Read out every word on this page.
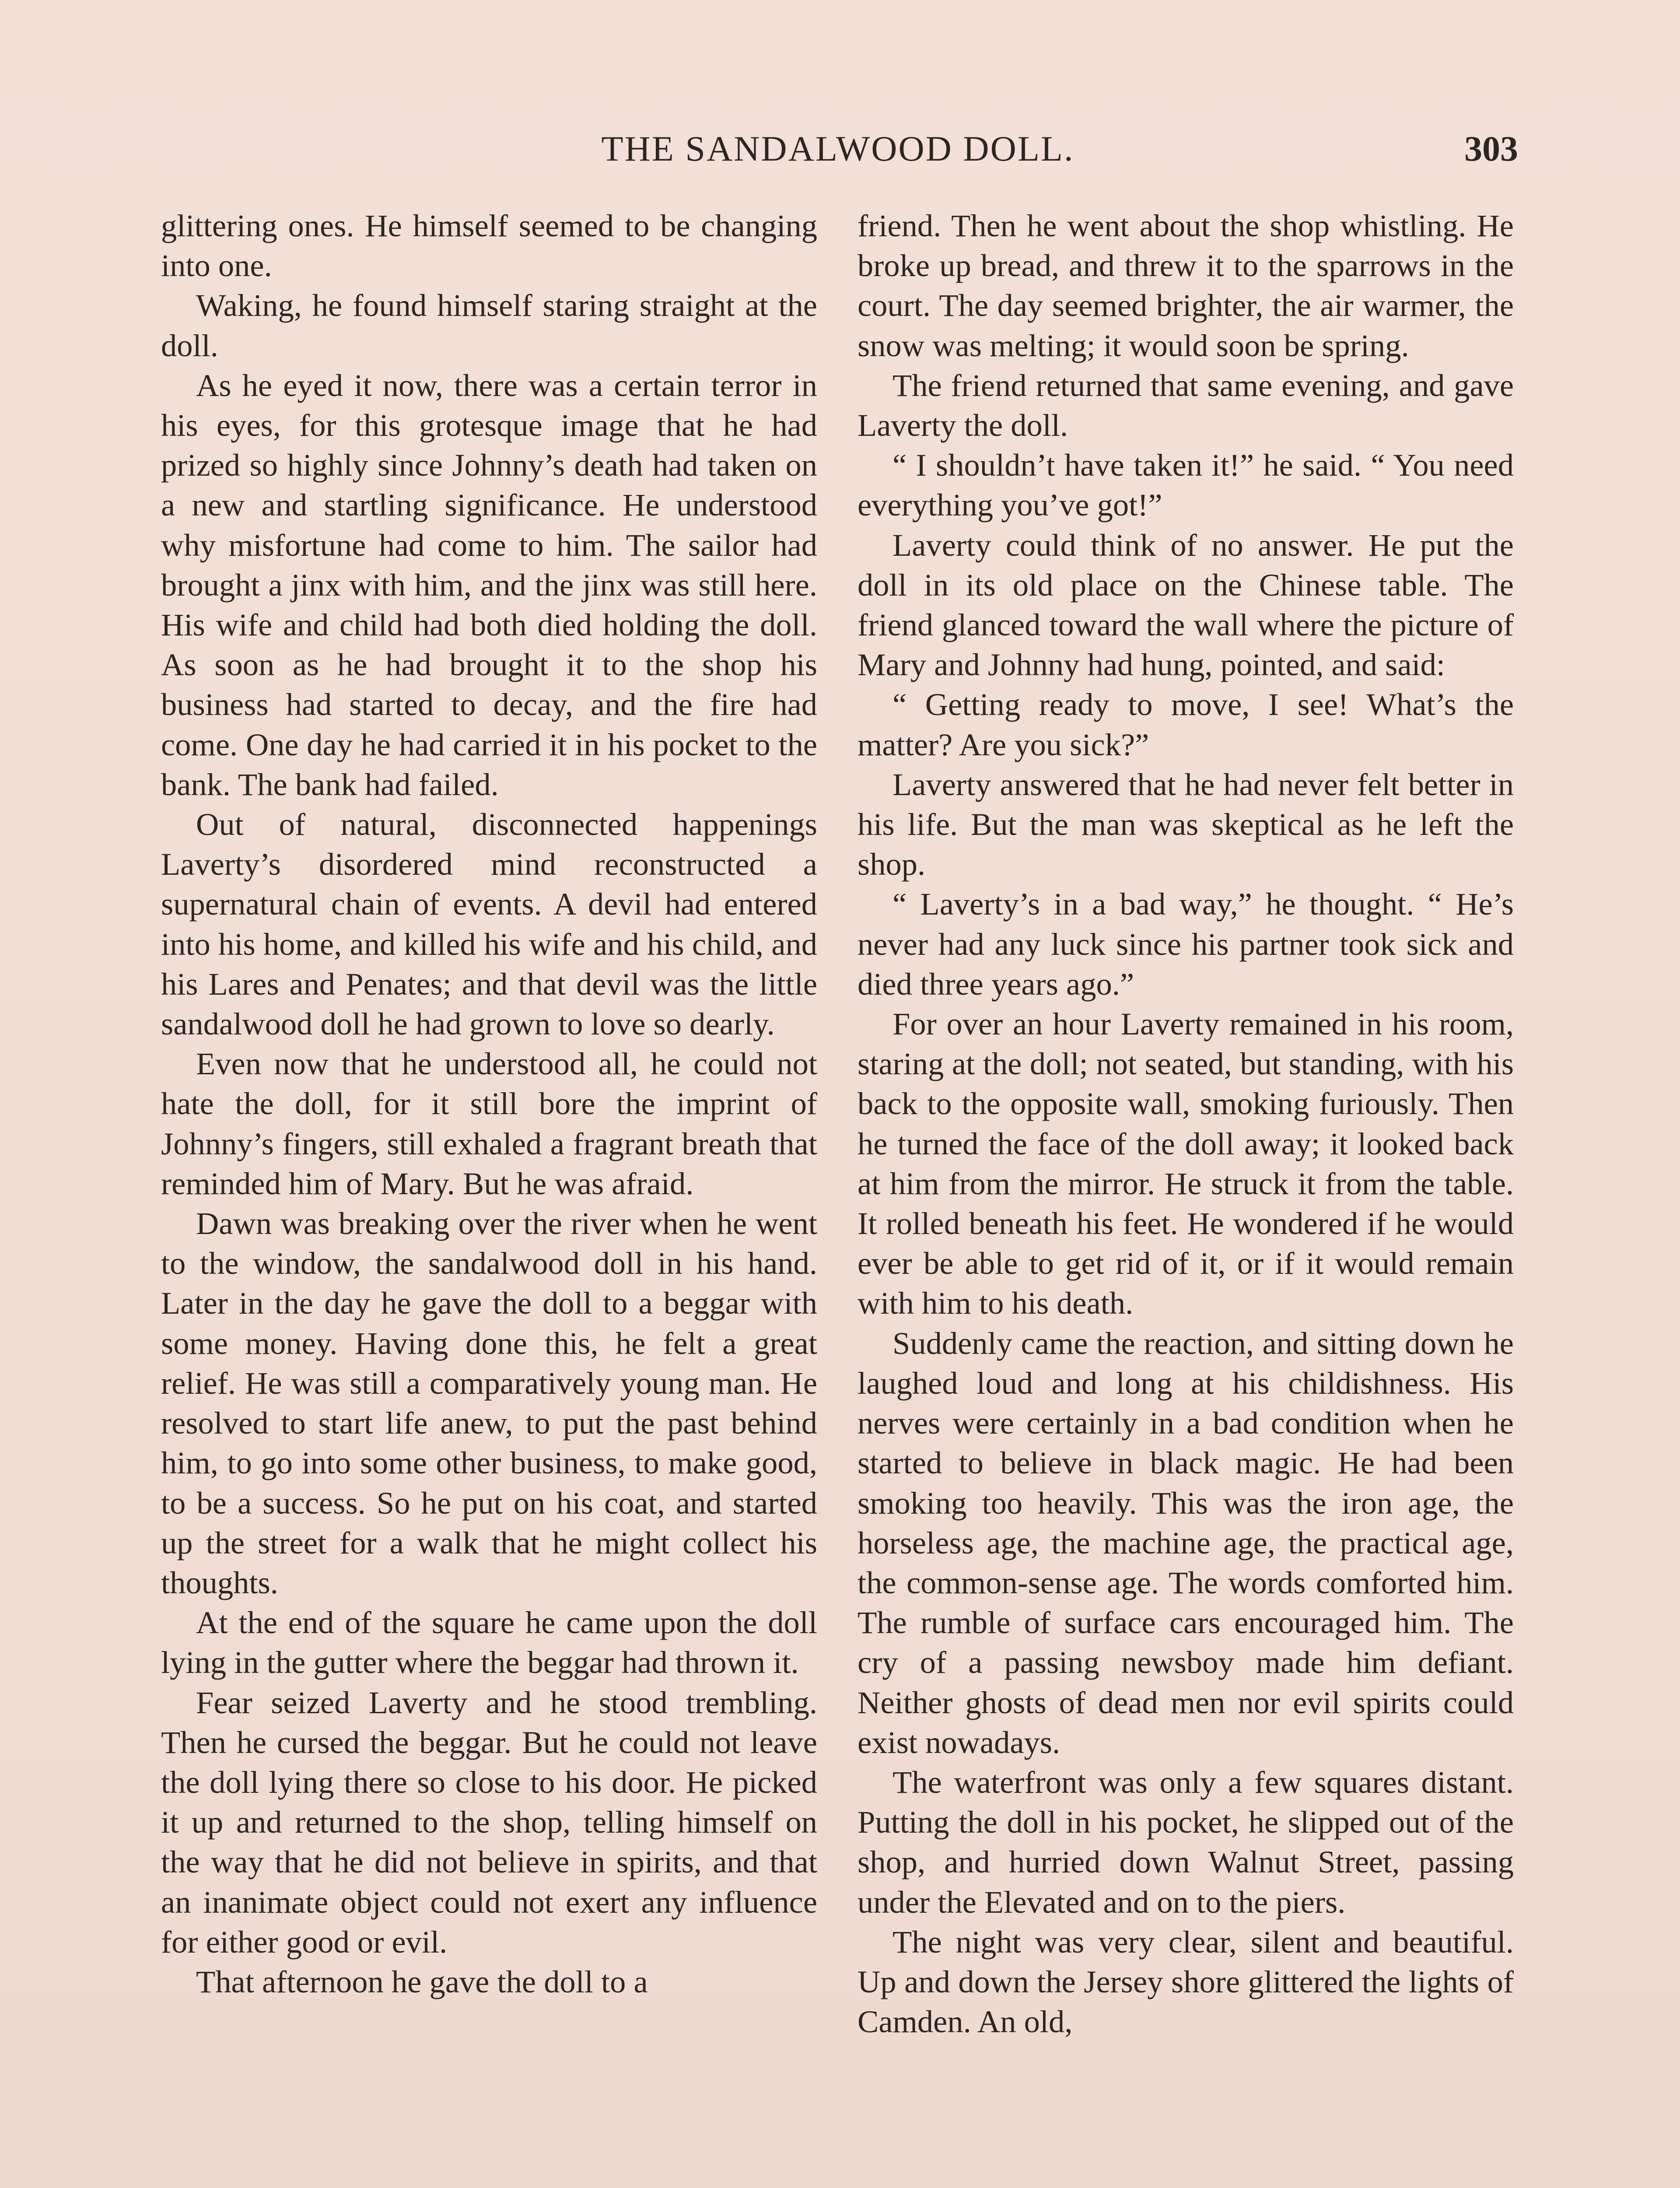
THE SANDALWOOD DOLL.	303

glittering ones. He himself seemed to be changing into one.

Waking, he found himself staring straight at the doll.

As he eyed it now, there was a certain terror in his eyes, for this grotesque image that he had prized so highly since Johnny’s death had taken on a new and startling significance. He understood why misfortune had come to him. The sailor had brought a jinx with him, and the jinx was still here. His wife and child had both died holding the doll. As soon as he had brought it to the shop his business had started to decay, and the fire had come. One day he had carried it in his pocket to the bank. The bank had failed.

Out of natural, disconnected happenings Laverty’s disordered mind reconstructed a supernatural chain of events. A devil had entered into his home, and killed his wife and his child, and his Lares and Penates; and that devil was the little sandalwood doll he had grown to love so dearly.

Even now that he understood all, he could not hate the doll, for it still bore the imprint of Johnny’s fingers, still exhaled a fragrant breath that reminded him of Mary. But he was afraid.

Dawn was breaking over the river when he went to the window, the sandalwood doll in his hand. Later in the day he gave the doll to a beggar with some money. Having done this, he felt a great relief. He was still a comparatively young man. He resolved to start life anew, to put the past behind him, to go into some other business, to make good, to be a success. So he put on his coat, and started up the street for a walk that he might collect his thoughts.

At the end of the square he came upon the doll lying in the gutter where the beggar had thrown it.

Fear seized Laverty and he stood trembling. Then he cursed the beggar. But he could not leave the doll lying there so close to his door. He picked it up and returned to the shop, telling himself on the way that he did not believe in spirits, and that an inanimate object could not exert any influence for either good or evil.

That afternoon he gave the doll to a

friend. Then he went about the shop whistling. He broke up bread, and threw it to the sparrows in the court. The day seemed brighter, the air warmer, the snow was melting; it would soon be spring.

The friend returned that same evening, and gave Laverty the doll.

“ I shouldn’t have taken it!” he said. “ You need everything you’ve got!”

Laverty could think of no answer. He put the doll in its old place on the Chinese table. The friend glanced toward the wall where the picture of Mary and Johnny had hung, pointed, and said:

“ Getting ready to move, I see! What’s the matter? Are you sick?”

Laverty answered that he had never felt better in his life. But the man was skeptical as he left the shop.

“ Laverty’s in a bad way,” he thought. “ He’s never had any luck since his partner took sick and died three years ago.”

For over an hour Laverty remained in his room, staring at the doll; not seated, but standing, with his back to the opposite wall, smoking furiously. Then he turned the face of the doll away; it looked back at him from the mirror. He struck it from the table. It rolled beneath his feet. He wondered if he would ever be able to get rid of it, or if it would remain with him to his death.

Suddenly came the reaction, and sitting down he laughed loud and long at his childishness. His nerves were certainly in a bad condition when he started to believe in black magic. He had been smoking too heavily. This was the iron age, the horseless age, the machine age, the practical age, the common-sense age. The words comforted him. The rumble of surface cars encouraged him. The cry of a passing newsboy made him defiant. Neither ghosts of dead men nor evil spirits could exist nowadays.

The waterfront was only a few squares distant. Putting the doll in his pocket, he slipped out of the shop, and hurried down Walnut Street, passing under the Elevated and on to the piers.

The night was very clear, silent and beautiful. Up and down the Jersey shore glittered the lights of Camden. An old,
